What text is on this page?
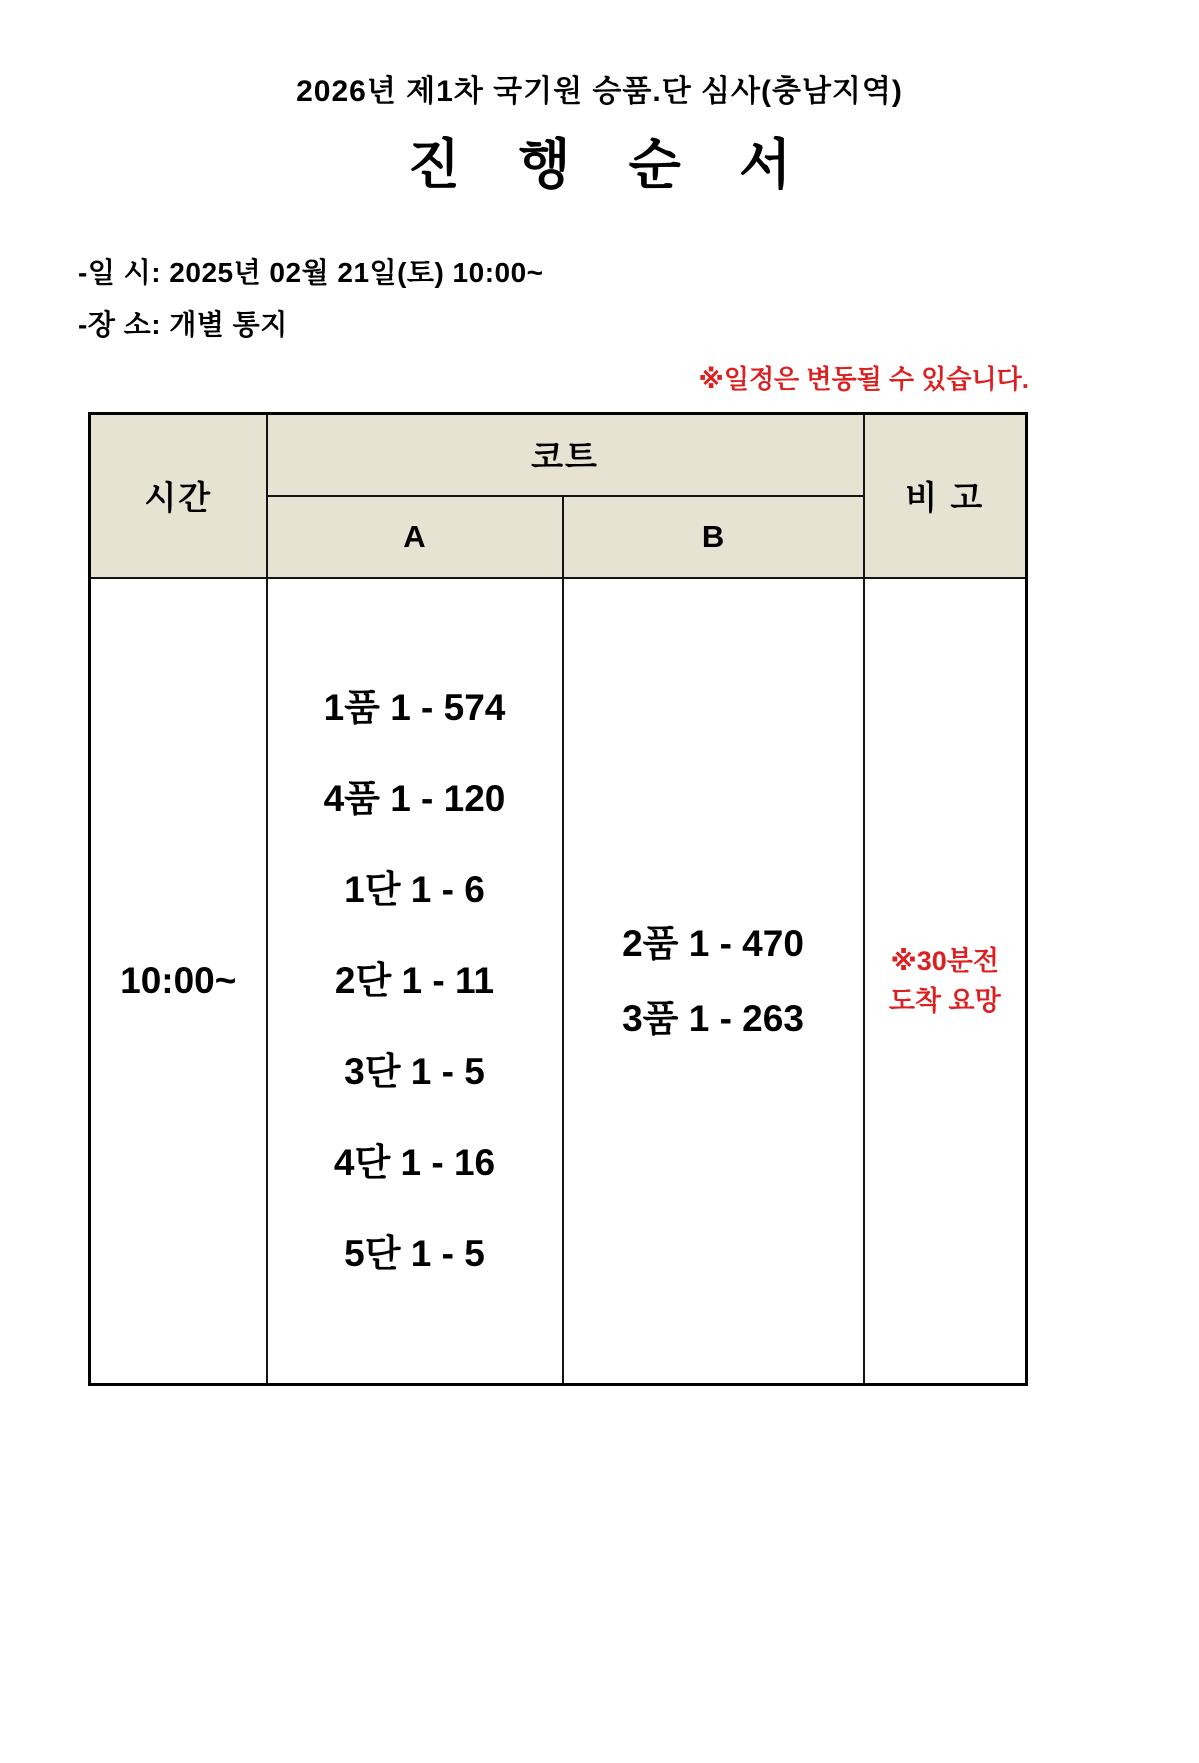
2026년 제1차 국기원 승품.단 심사(충남지역)
진 행 순 서
-일 시: 2025년 02월 21일(토) 10:00~
-장 소: 개별 통지
※일정은 변동될 수 있습니다.
시간	코트		비 고
	A	B	

10:00~

1품 1 - 574
4품 1 - 120
1단 1 - 6
2단 1 - 11
3단 1 - 5
4단 1 - 16
5단 1 - 5

2품 1 - 470
3품 1 - 263

※30분전
도착 요망
